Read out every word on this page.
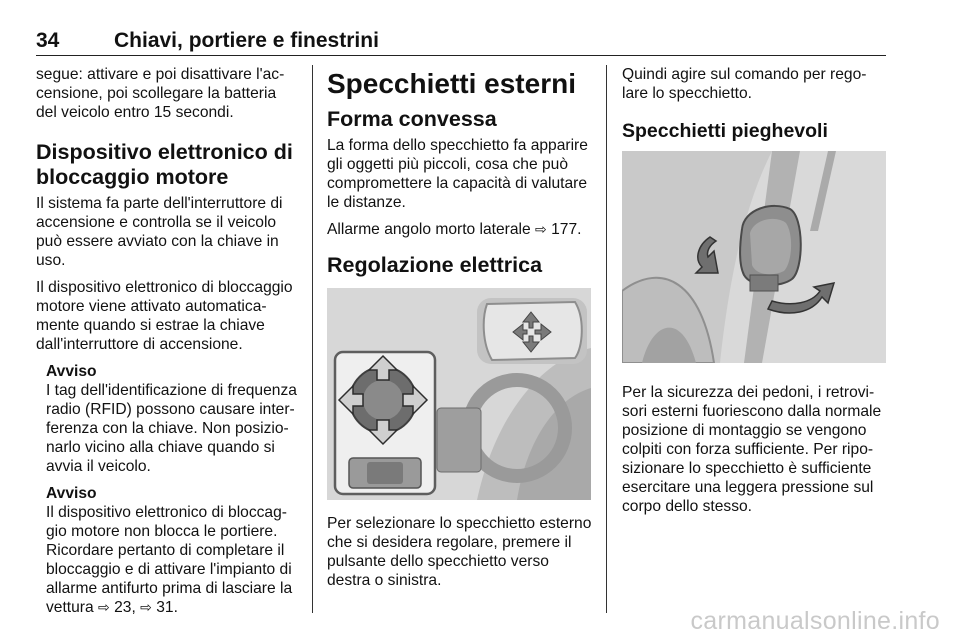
34	Chiavi, portiere e finestrini

segue: attivare e poi disattivare l'ac-censione, poi scollegare la batteria del veicolo entro 15 secondi.

Dispositivo elettronico di bloccaggio motore

Il sistema fa parte dell'interruttore di accensione e controlla se il veicolo può essere avviato con la chiave in uso.

Il dispositivo elettronico di bloccaggio motore viene attivato automatica-mente quando si estrae la chiave dall'interruttore di accensione.

Avviso

I tag dell'identificazione di frequenza radio (RFID) possono causare inter-ferenza con la chiave. Non posizio-narlo vicino alla chiave quando si avvia il veicolo.

Avviso

Il dispositivo elettronico di bloccag-gio motore non blocca le portiere. Ricordare pertanto di completare il bloccaggio e di attivare l'impianto di allarme antifurto prima di lasciare la vettura ⇨ 23, ⇨ 31.

Specchietti esterni
Forma convessa

La forma dello specchietto fa apparire gli oggetti più piccoli, cosa che può compromettere la capacità di valutare le distanze.

Allarme angolo morto laterale ⇨ 177.

Regolazione elettrica

Per selezionare lo specchietto esterno che si desidera regolare, premere il pulsante dello specchietto verso destra o sinistra.

Quindi agire sul comando per rego-lare lo specchietto.

Specchietti pieghevoli

Per la sicurezza dei pedoni, i retrovi-sori esterni fuoriescono dalla normale posizione di montaggio se vengono colpiti con forza sufficiente. Per ripo-sizionare lo specchietto è sufficiente esercitare una leggera pressione sul corpo dello stesso.

carmanualsonline.info
